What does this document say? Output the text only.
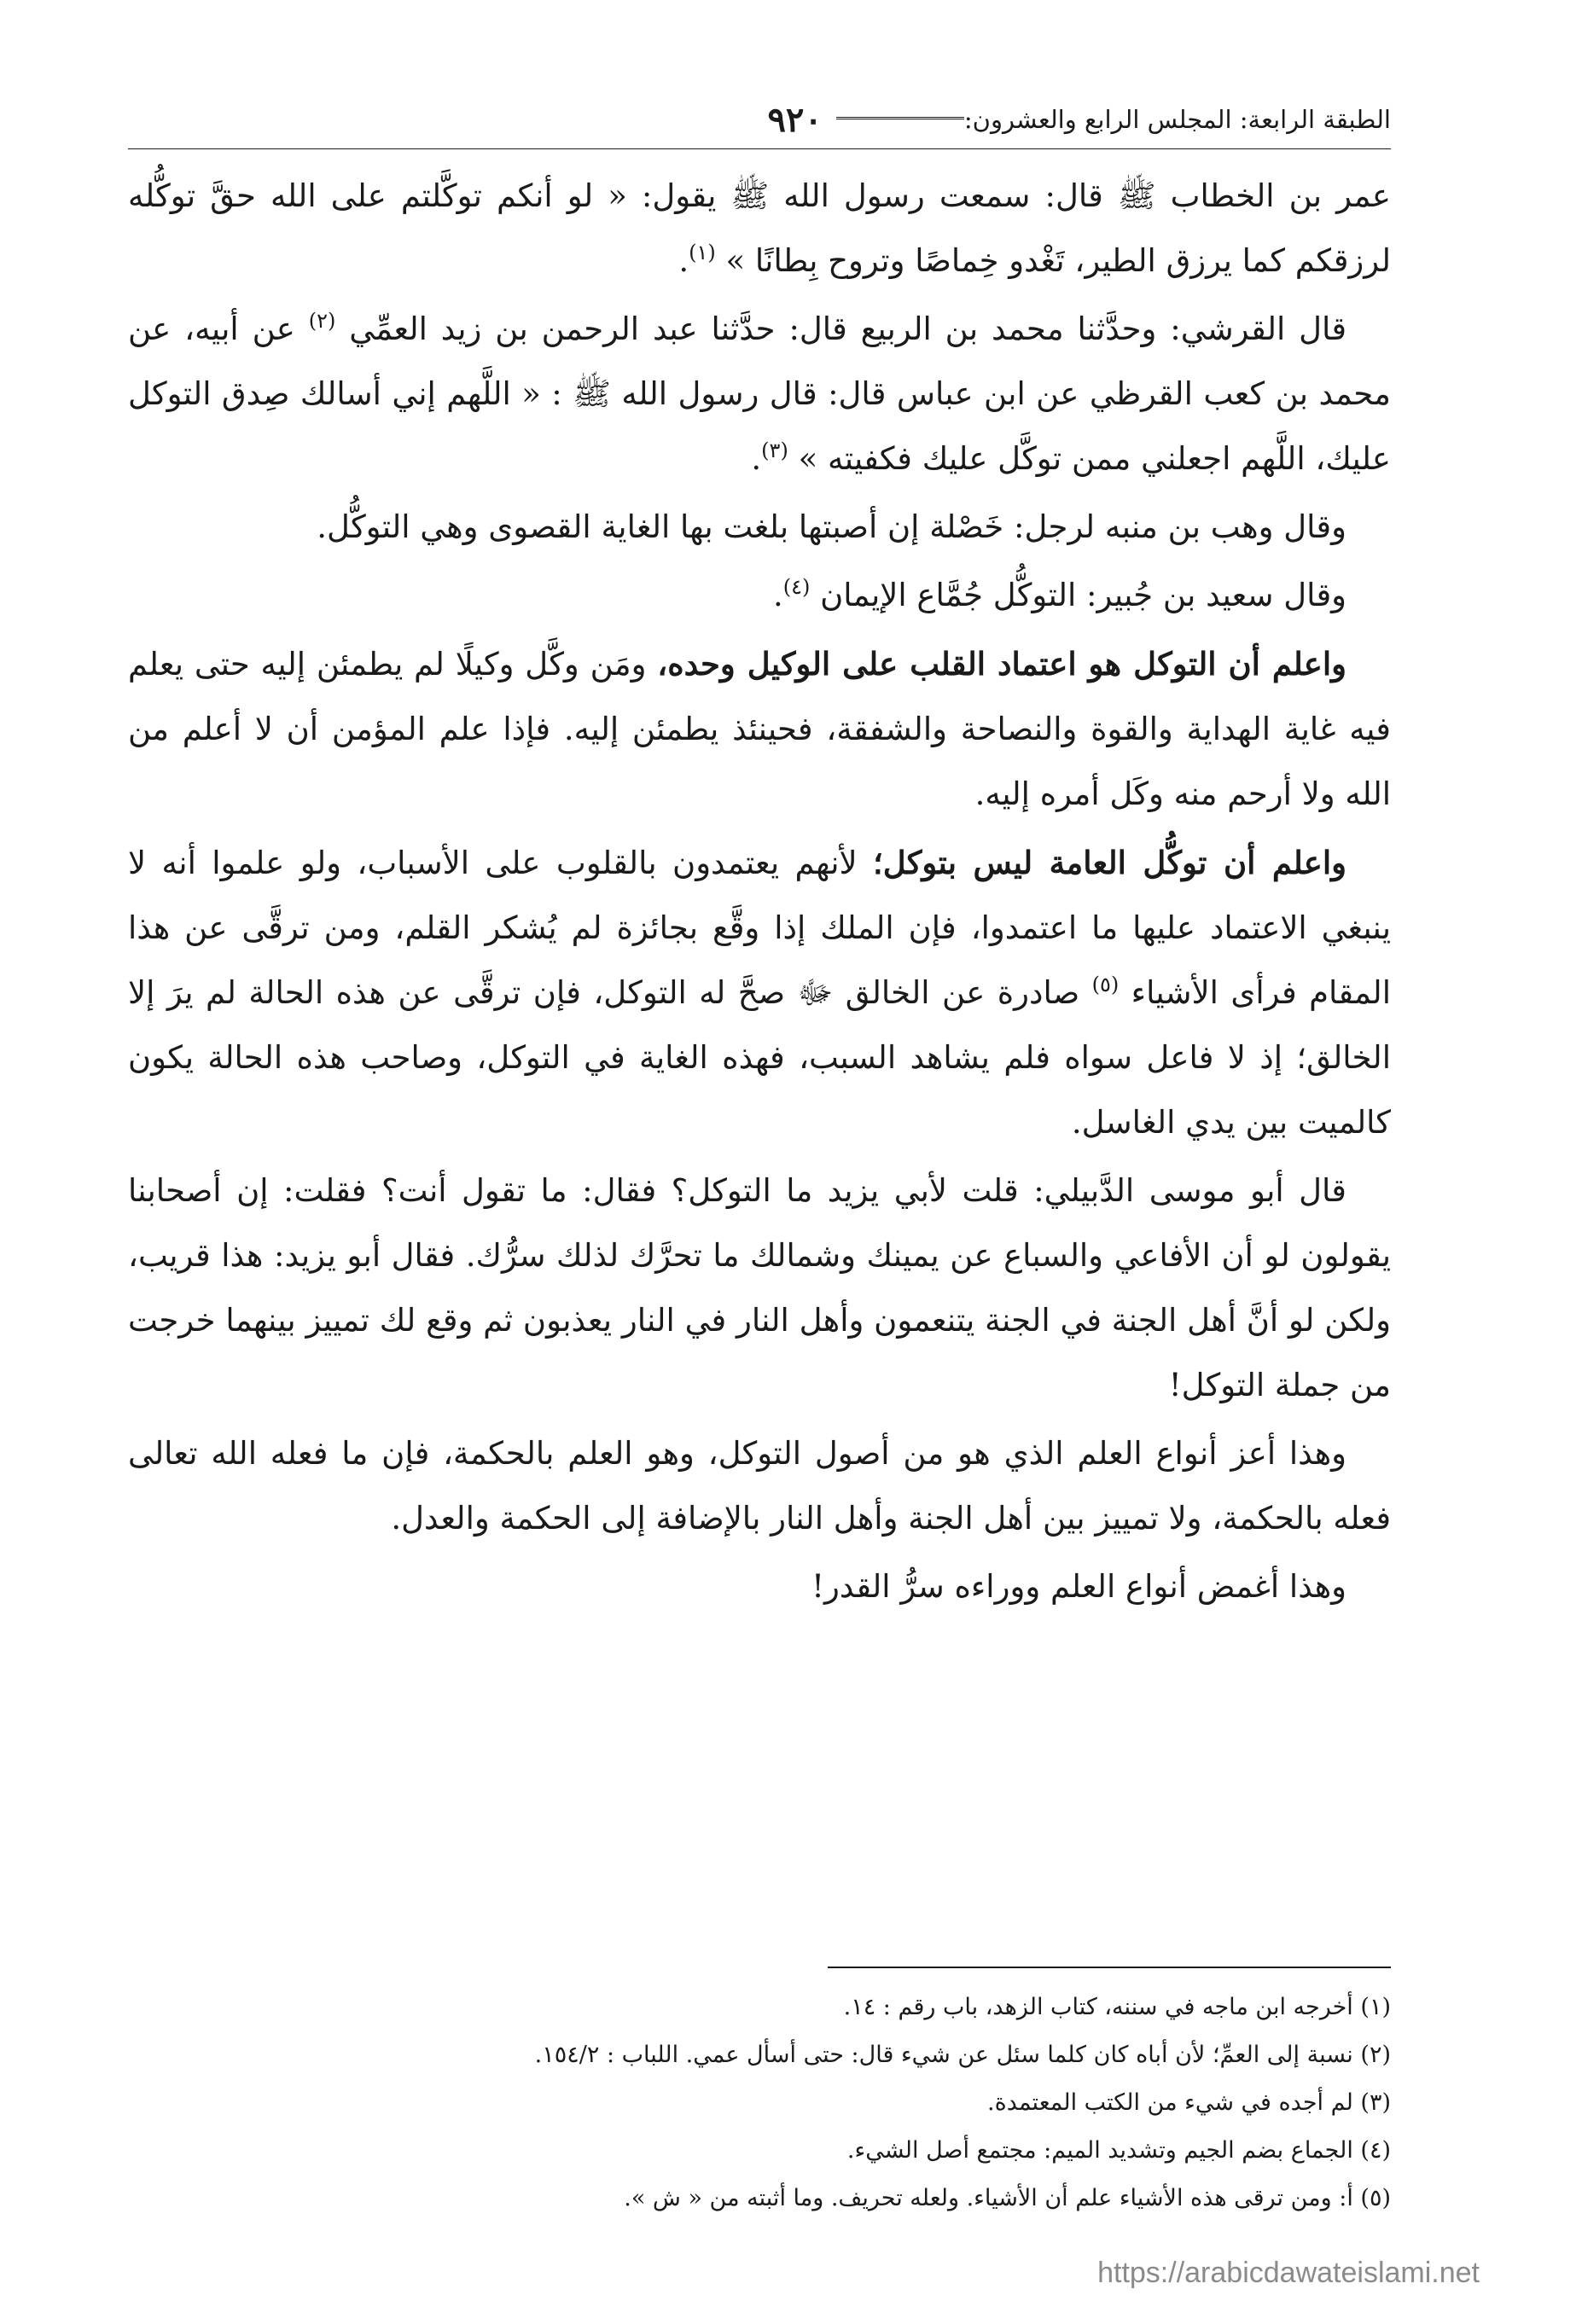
الطبقة الرابعة: المجلس الرابع والعشرون:
٩٢٠

عمر بن الخطاب ﷺ قال: سمعت رسول الله ﷺ يقول: « لو أنكم توكَّلتم على الله حقَّ توكُّله لرزقكم كما يرزق الطير، تَغْدو خِماصًا وتروح بِطانًا » $^{(١)}$.

قال القرشي: وحدَّثنا محمد بن الربيع قال: حدَّثنا عبد الرحمن بن زيد العمِّي $^{(٢)}$ عن أبيه، عن محمد بن كعب القرظي عن ابن عباس قال: قال رسول الله ﷺ : « اللَّهم إني أسالك صِدق التوكل عليك، اللَّهم اجعلني ممن توكَّل عليك فكفيته » $^{(٣)}$.

وقال وهب بن منبه لرجل: خَصْلة إن أصبتها بلغت بها الغاية القصوى وهي التوكُّل.

وقال سعيد بن جُبير: التوكُّل جُمَّاع الإيمان $^{(٤)}$.

واعلم أن التوكل هو اعتماد القلب على الوكيل وحده، ومَن وكَّل وكيلًا لم يطمئن إليه حتى يعلم فيه غاية الهداية والقوة والنصاحة والشفقة، فحينئذ يطمئن إليه. فإذا علم المؤمن أن لا أعلم من الله ولا أرحم منه وكَل أمره إليه.

واعلم أن توكُّل العامة ليس بتوكل؛ لأنهم يعتمدون بالقلوب على الأسباب، ولو علموا أنه لا ينبغي الاعتماد عليها ما اعتمدوا، فإن الملك إذا وقَّع بجائزة لم يُشكر القلم، ومن ترقَّى عن هذا المقام فرأى الأشياء $^{(٥)}$ صادرة عن الخالق ﷻ صحَّ له التوكل، فإن ترقَّى عن هذه الحالة لم يرَ إلا الخالق؛ إذ لا فاعل سواه فلم يشاهد السبب، فهذه الغاية في التوكل، وصاحب هذه الحالة يكون كالميت بين يدي الغاسل.

قال أبو موسى الدَّبيلي: قلت لأبي يزيد ما التوكل؟ فقال: ما تقول أنت؟ فقلت: إن أصحابنا يقولون لو أن الأفاعي والسباع عن يمينك وشمالك ما تحرَّك لذلك سرُّك. فقال أبو يزيد: هذا قريب، ولكن لو أنَّ أهل الجنة في الجنة يتنعمون وأهل النار في النار يعذبون ثم وقع لك تمييز بينهما خرجت من جملة التوكل!

وهذا أعز أنواع العلم الذي هو من أصول التوكل، وهو العلم بالحكمة، فإن ما فعله الله تعالى فعله بالحكمة، ولا تمييز بين أهل الجنة وأهل النار بالإضافة إلى الحكمة والعدل.

وهذا أغمض أنواع العلم ووراءه سرُّ القدر!

(١) أخرجه ابن ماجه في سننه، كتاب الزهد، باب رقم : ١٤.

(٢) نسبة إلى العمِّ؛ لأن أباه كان كلما سئل عن شيء قال: حتى أسأل عمي. اللباب : ١٥٤/٢.

(٣) لم أجده في شيء من الكتب المعتمدة.

(٤) الجماع بضم الجيم وتشديد الميم: مجتمع أصل الشيء.

(٥) أ: ومن ترقى هذه الأشياء علم أن الأشياء. ولعله تحريف. وما أثبته من « ش ».

https://arabicdawateislami.net
